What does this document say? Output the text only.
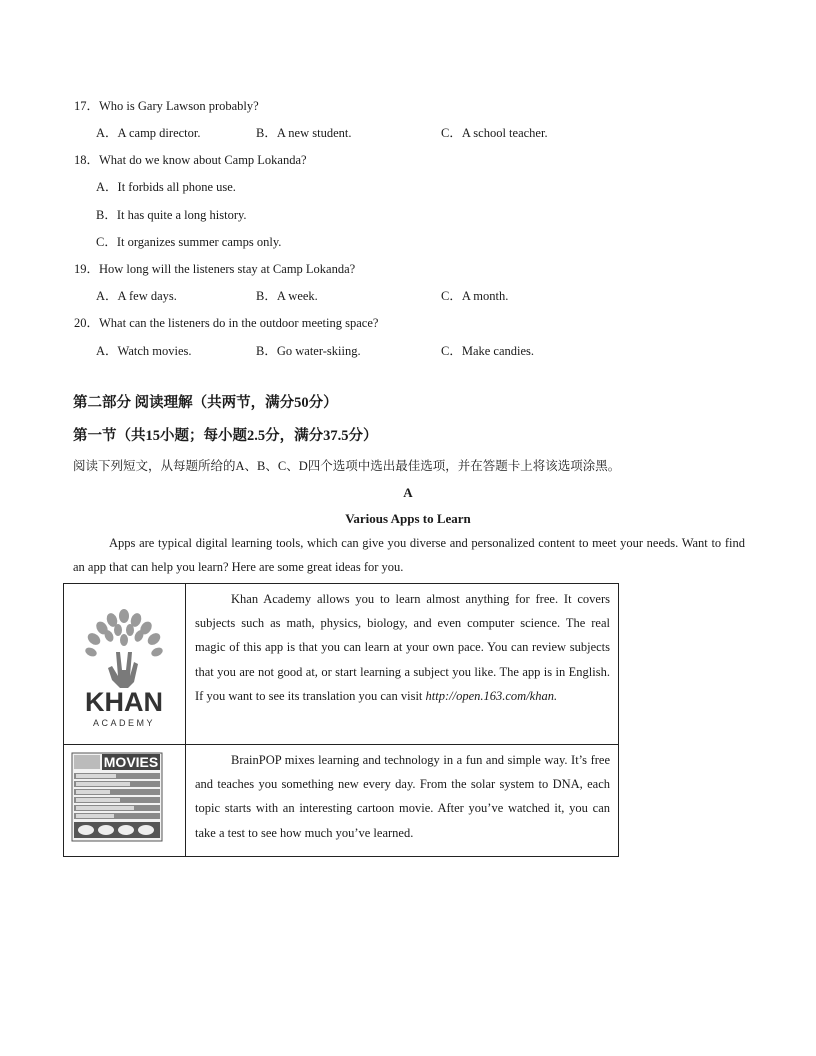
17．Who is Gary Lawson probably?
A．A camp director.	B．A new student.	C．A school teacher.
18．What do we know about Camp Lokanda?
A．It forbids all phone use.
B．It has quite a long history.
C．It organizes summer camps only.
19．How long will the listeners stay at Camp Lokanda?
A．A few days.	B．A week.	C．A month.
20．What can the listeners do in the outdoor meeting space?
A．Watch movies.	B．Go water-skiing.	C．Make candies.
第二部分 阅读理解（共两节，满分50分）
第一节（共15小题；每小题2.5分，满分37.5分）
阅读下列短文，从每题所给的A、B、C、D四个选项中选出最佳选项，并在答题卡上将该选项涂黑。
A
Various Apps to Learn
Apps are typical digital learning tools, which can give you diverse and personalized content to meet your needs. Want to find an app that can help you learn? Here are some great ideas for you.
KHAN
ACADEMY	Khan Academy allows you to learn almost anything for free. It covers subjects such as math, physics, biology, and even computer science. The real magic of this app is that you can learn at your own pace. You can review subjects that you are not good at, or start learning a subject you like. The app is in English. If you want to see its translation you can visit http://open.163.com/khan.

MOVIES	BrainPOP mixes learning and technology in a fun and simple way. It’s free and teaches you something new every day. From the solar system to DNA, each topic starts with an interesting cartoon movie. After you’ve watched it, you can take a test to see how much you’ve learned.
